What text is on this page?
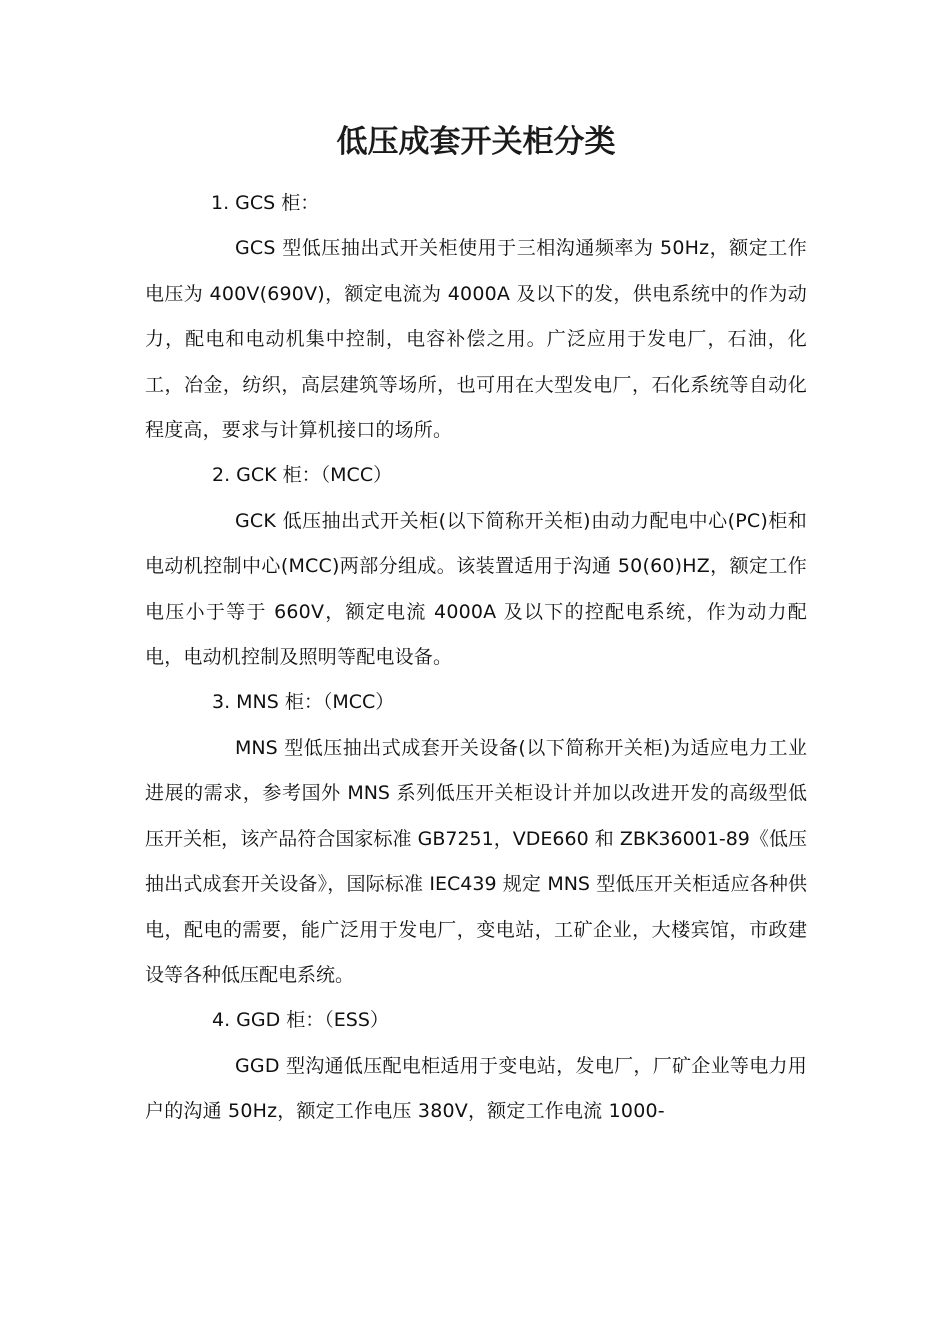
低压成套开关柜分类

1. GCS 柜：

GCS 型低压抽出式开关柜使用于三相沟通频率为 50Hz，额定工作电压为 400V(690V)，额定电流为 4000A 及以下的发，供电系统中的作为动力，配电和电动机集中控制，电容补偿之用。广泛应用于发电厂，石油，化工，冶金，纺织，高层建筑等场所，也可用在大型发电厂，石化系统等自动化程度高，要求与计算机接口的场所。

2. GCK 柜：（MCC）

GCK 低压抽出式开关柜(以下简称开关柜)由动力配电中心(PC)柜和电动机控制中心(MCC)两部分组成。该装置适用于沟通 50(60)HZ，额定工作电压小于等于 660V，额定电流 4000A 及以下的控配电系统，作为动力配电，电动机控制及照明等配电设备。

3. MNS 柜：（MCC）

MNS 型低压抽出式成套开关设备(以下简称开关柜)为适应电力工业进展的需求，参考国外 MNS 系列低压开关柜设计并加以改进开发的高级型低压开关柜，该产品符合国家标准 GB7251，VDE660 和 ZBK36001-89《低压抽出式成套开关设备》，国际标准 IEC439 规定 MNS 型低压开关柜适应各种供电，配电的需要，能广泛用于发电厂，变电站，工矿企业，大楼宾馆，市政建设等各种低压配电系统。

4. GGD 柜：（ESS）

GGD 型沟通低压配电柜适用于变电站，发电厂，厂矿企业等电力用户的沟通 50Hz，额定工作电压 380V，额定工作电流 1000-
